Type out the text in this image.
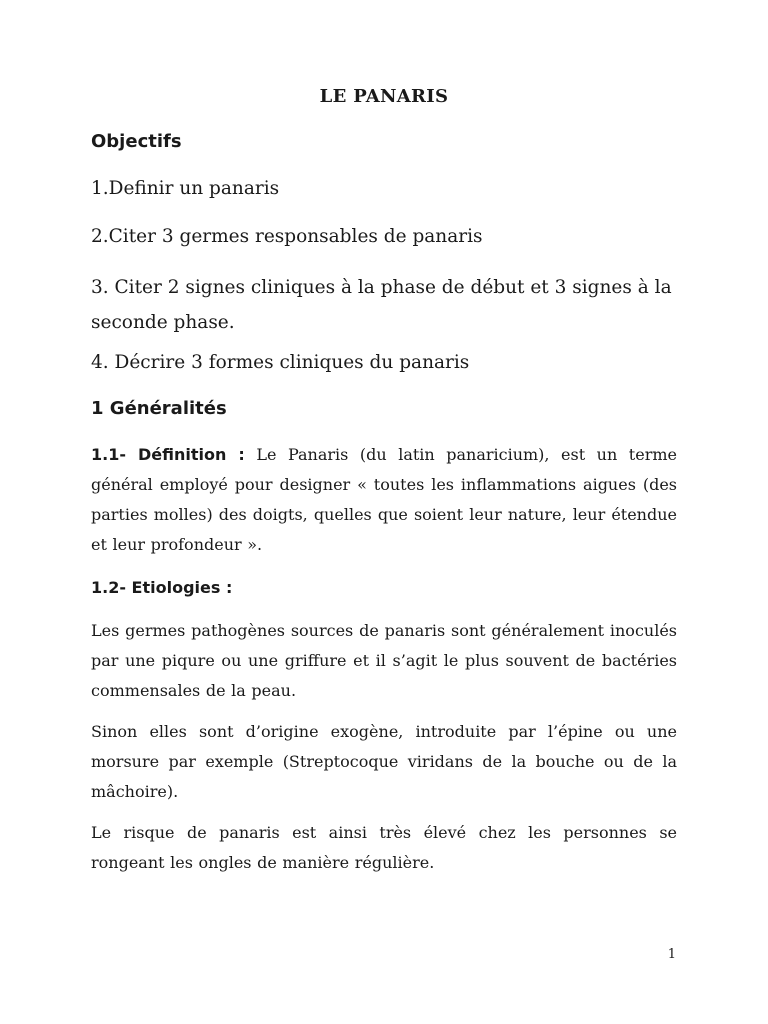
LE PANARIS
Objectifs
1.Definir un panaris
2.Citer 3 germes responsables de panaris
3. Citer 2 signes cliniques à la phase de début et 3 signes à la seconde phase.
4. Décrire 3 formes cliniques du panaris
1 Généralités
1.1- Définition : Le Panaris (du latin panaricium), est un terme général employé pour designer « toutes les inflammations aigues (des parties molles) des doigts, quelles que soient leur nature, leur étendue et leur profondeur ».
1.2- Etiologies :
Les germes pathogènes sources de panaris sont généralement inoculés par une piqure ou une griffure et il s’agit le plus souvent de bactéries commensales de la peau.
Sinon elles sont d’origine exogène, introduite par l’épine ou une morsure par exemple (Streptocoque viridans de la bouche ou de la mâchoire).
Le risque de panaris est ainsi très élevé chez les personnes se rongeant les ongles de manière régulière.
1
